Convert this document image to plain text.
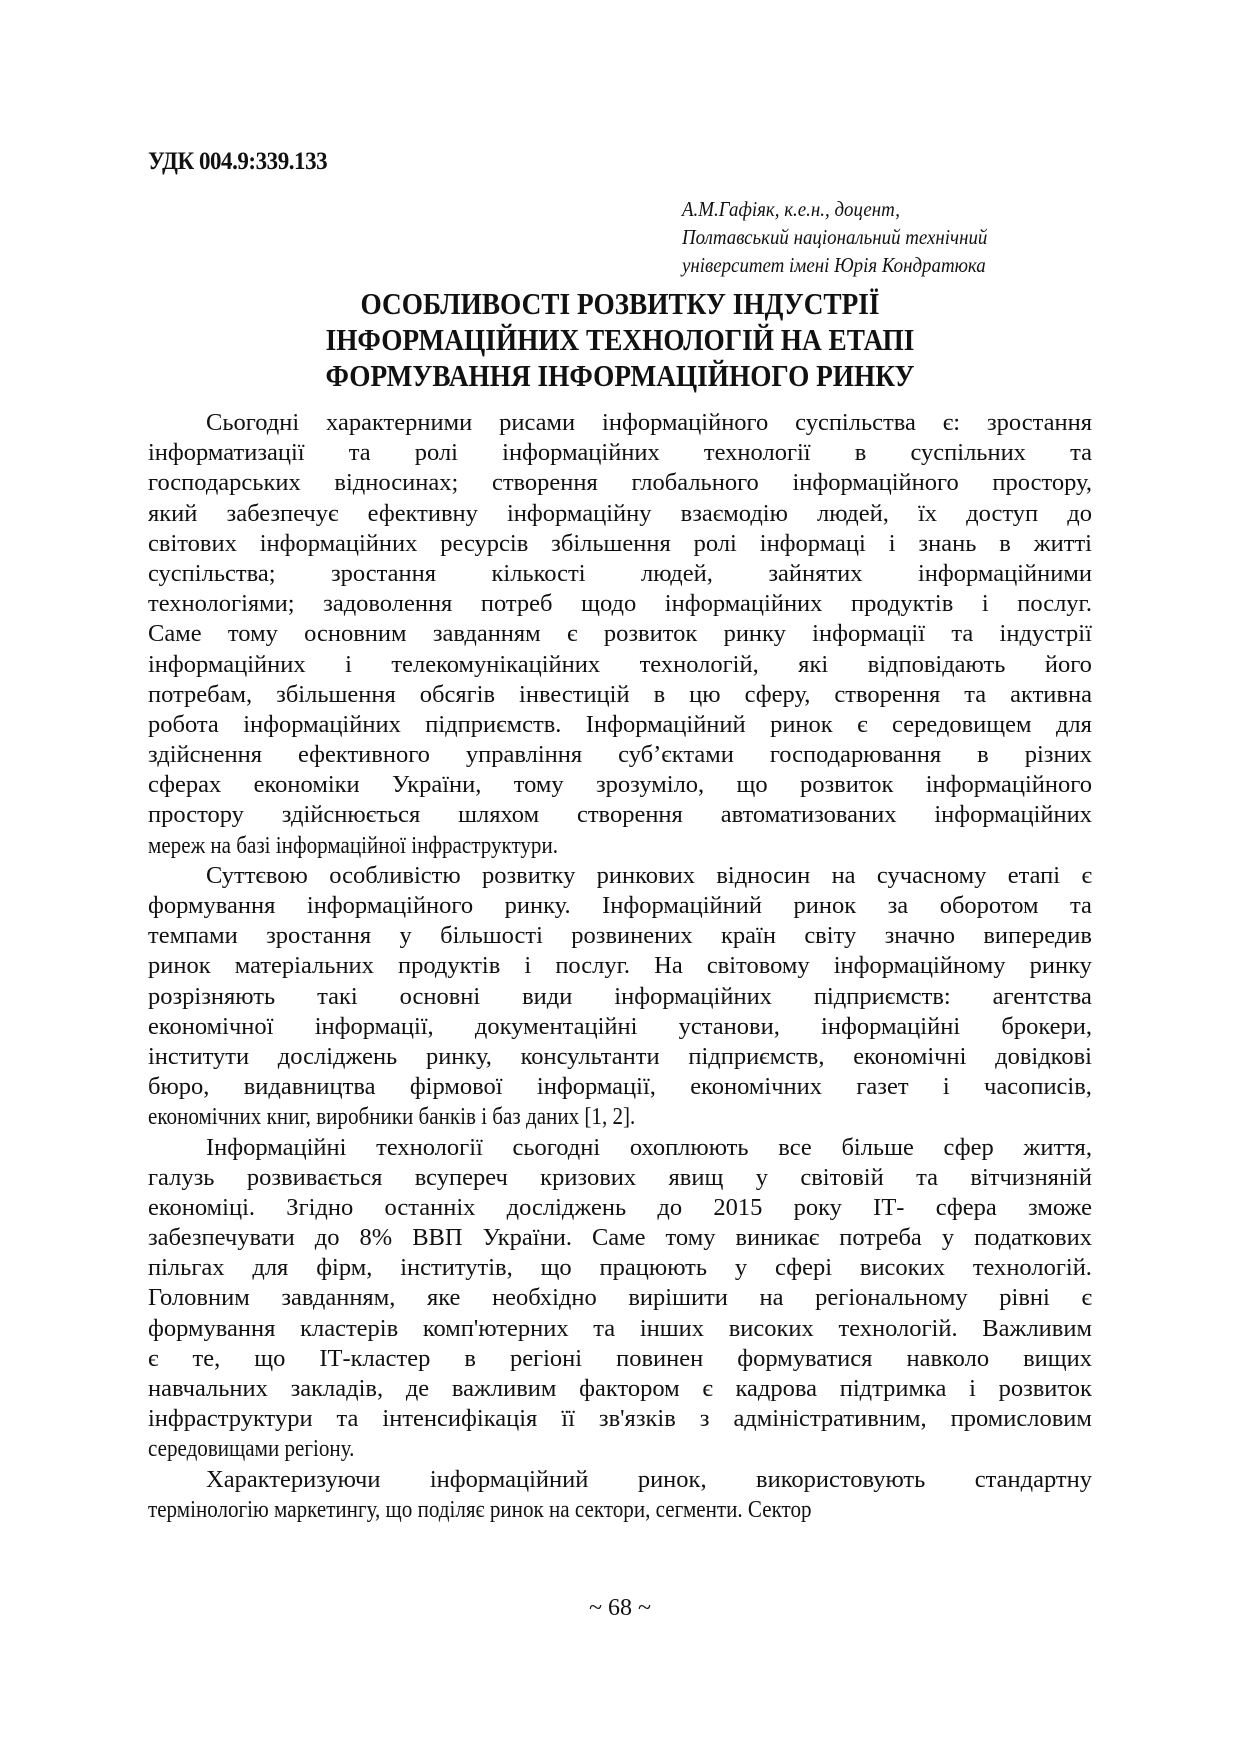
УДК 004.9:339.133
А.М.Гафіяк, к.е.н., доцент,
Полтавський національний технічний
університет імені Юрія Кондратюка
ОСОБЛИВОСТІ РОЗВИТКУ ІНДУСТРІЇ
ІНФОРМАЦІЙНИХ ТЕХНОЛОГІЙ НА ЕТАПІ
ФОРМУВАННЯ ІНФОРМАЦІЙНОГО РИНКУ
Сьогодні характерними рисами інформаційного суспільства є: зростання
інформатизації та ролі інформаційних технології в суспільних та
господарських відносинах; створення глобального інформаційного простору,
який забезпечує ефективну інформаційну взаємодію людей, їх доступ до
світових інформаційних ресурсів збільшення ролі інформаці і знань в житті
суспільства; зростання кількості людей, зайнятих інформаційними
технологіями; задоволення потреб щодо інформаційних продуктів і послуг.
Саме тому основним завданням є розвиток ринку інформації та індустрії
інформаційних і телекомунікаційних технологій, які відповідають його
потребам, збільшення обсягів інвестицій в цю сферу, створення та активна
робота інформаційних підприємств. Інформаційний ринок є середовищем для
здійснення ефективного управління суб’єктами господарювання в різних
сферах економіки України, тому зрозуміло, що розвиток інформаційного
простору здійснюється шляхом створення автоматизованих інформаційних
мереж на базі інформаційної інфраструктури.
Суттєвою особливістю розвитку ринкових відносин на сучасному етапі є
формування інформаційного ринку. Інформаційний ринок за оборотом та
темпами зростання у більшості розвинених країн світу значно випередив
ринок матеріальних продуктів і послуг. На світовому інформаційному ринку
розрізняють такі основні види інформаційних підприємств: агентства
економічної інформації, документаційні установи, інформаційні брокери,
інститути досліджень ринку, консультанти підприємств, економічні довідкові
бюро, видавництва фірмової інформації, економічних газет і часописів,
економічних книг, виробники банків і баз даних [1, 2].
Інформаційні технології сьогодні охоплюють все більше сфер життя,
галузь розвивається всупереч кризових явищ у світовій та вітчизняній
економіці. Згідно останніх досліджень до 2015 року ІТ- сфера зможе
забезпечувати до 8% ВВП України. Саме тому виникає потреба у податкових
пільгах для фірм, інститутів, що працюють у сфері високих технологій.
Головним завданням, яке необхідно вирішити на регіональному рівні є
формування кластерів комп'ютерних та інших високих технологій. Важливим
є те, що ІТ-кластер в регіоні повинен формуватися навколо вищих
навчальних закладів, де важливим фактором є кадрова підтримка і розвиток
інфраструктури та інтенсифікація її зв'язків з адміністративним, промисловим
середовищами регіону.
Характеризуючи інформаційний ринок, використовують стандартну
термінологію маркетингу, що поділяє ринок на сектори, сегменти. Сектор
~ 68 ~
